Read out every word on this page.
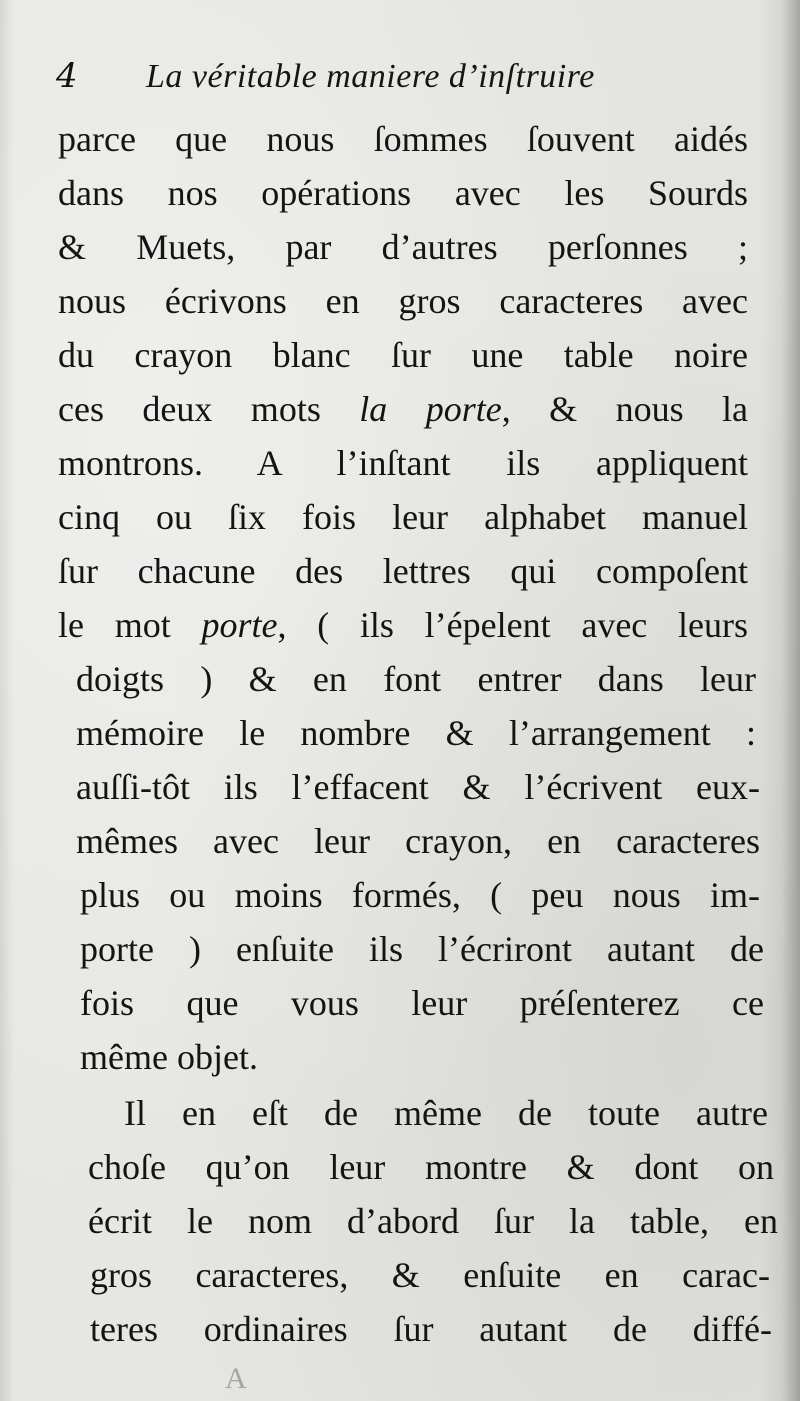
4 La véritable maniere d’inſtruire
parce que nous ſommes ſouvent aidés
dans nos opérations avec les Sourds
& Muets, par d’autres perſonnes ;
nous écrivons en gros caracteres avec
du crayon blanc ſur une table noire
ces deux mots la porte, & nous la
montrons. A l’inſtant ils appliquent
cinq ou ſix fois leur alphabet manuel
ſur chacune des lettres qui compoſent
le mot porte, ( ils l’épelent avec leurs
doigts ) & en font entrer dans leur
mémoire le nombre & l’arrangement :
auſſi-tôt ils l’effacent & l’écrivent eux-
mêmes avec leur crayon, en caracteres
plus ou moins formés, ( peu nous im-
porte ) enſuite ils l’écriront autant de
fois que vous leur préſenterez ce
même objet.
Il en eſt de même de toute autre
choſe qu’on leur montre & dont on
écrit le nom d’abord ſur la table, en
gros caracteres, & enſuite en carac-
teres ordinaires ſur autant de diffé-
A
